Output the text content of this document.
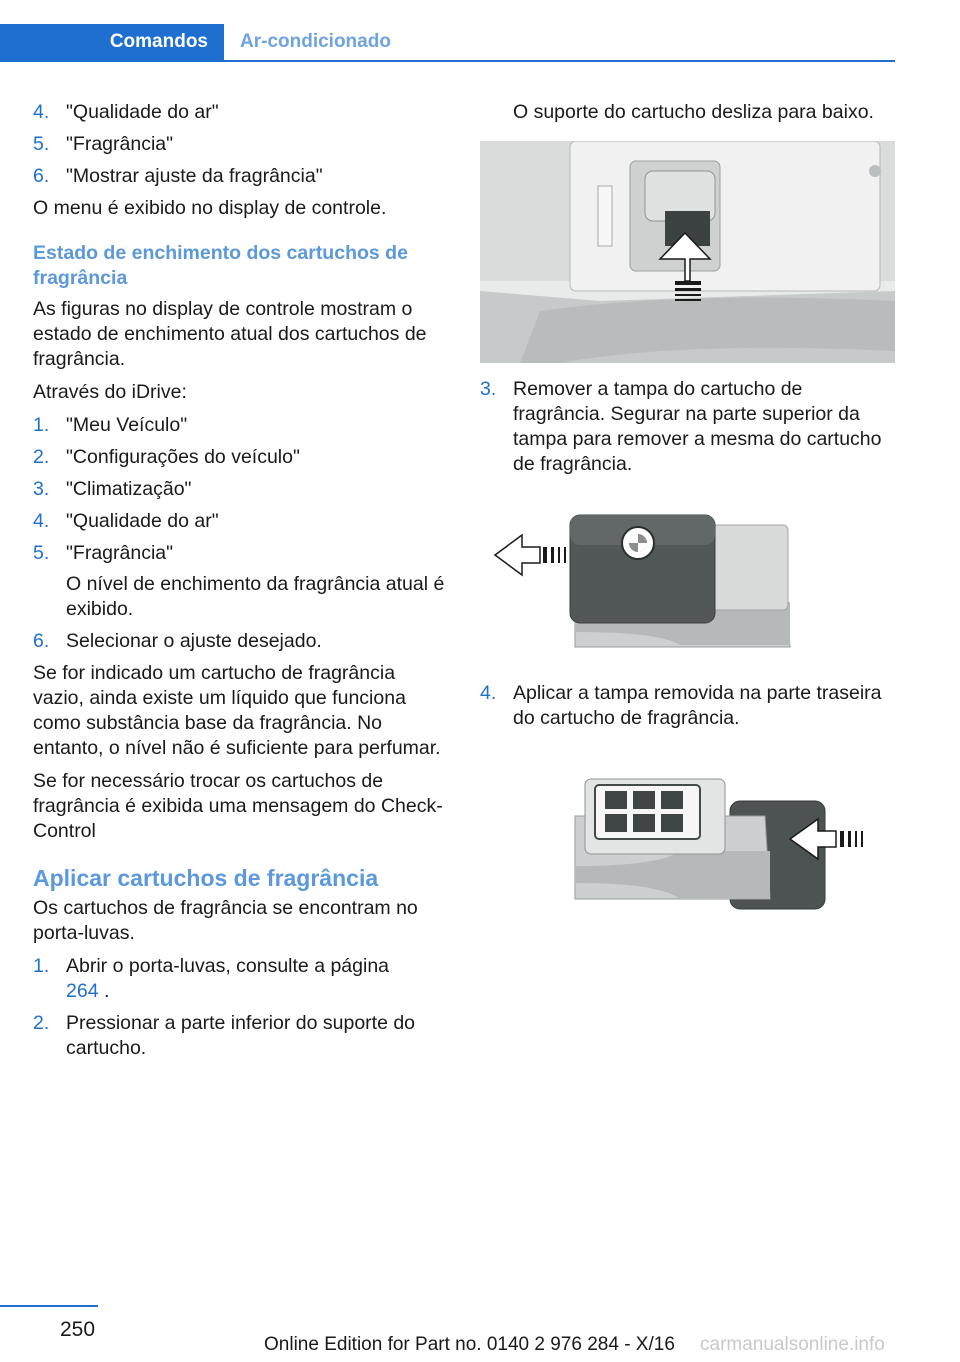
Comandos	Ar-condicionado
4. "Qualidade do ar"
5. "Fragrância"
6. "Mostrar ajuste da fragrância"

O menu é exibido no display de controle.

Estado de enchimento dos cartuchos de fragrância

As figuras no display de controle mostram o estado de enchimento atual dos cartuchos de fragrância.

Através do iDrive:

1. "Meu Veículo"
2. "Configurações do veículo"
3. "Climatização"
4. "Qualidade do ar"
5. "Fragrância"
O nível de enchimento da fragrância atual é exibido.
6. Selecionar o ajuste desejado.

Se for indicado um cartucho de fragrância vazio, ainda existe um líquido que funciona como substância base da fragrância. No entanto, o nível não é suficiente para perfumar.

Se for necessário trocar os cartuchos de fragrância é exibida uma mensagem do Check-Control

Aplicar cartuchos de fragrância

Os cartuchos de fragrância se encontram no porta-luvas.

1. Abrir o porta-luvas, consulte a página
264 .
2. Pressionar a parte inferior do suporte do cartucho.

O suporte do cartucho desliza para baixo.

3. Remover a tampa do cartucho de fragrância. Segurar na parte superior da tampa para remover a mesma do cartucho de fragrância.
4. Aplicar a tampa removida na parte traseira do cartucho de fragrância.
250
Online Edition for Part no. 0140 2 976 284 - X/16 carmanualsonline.info
